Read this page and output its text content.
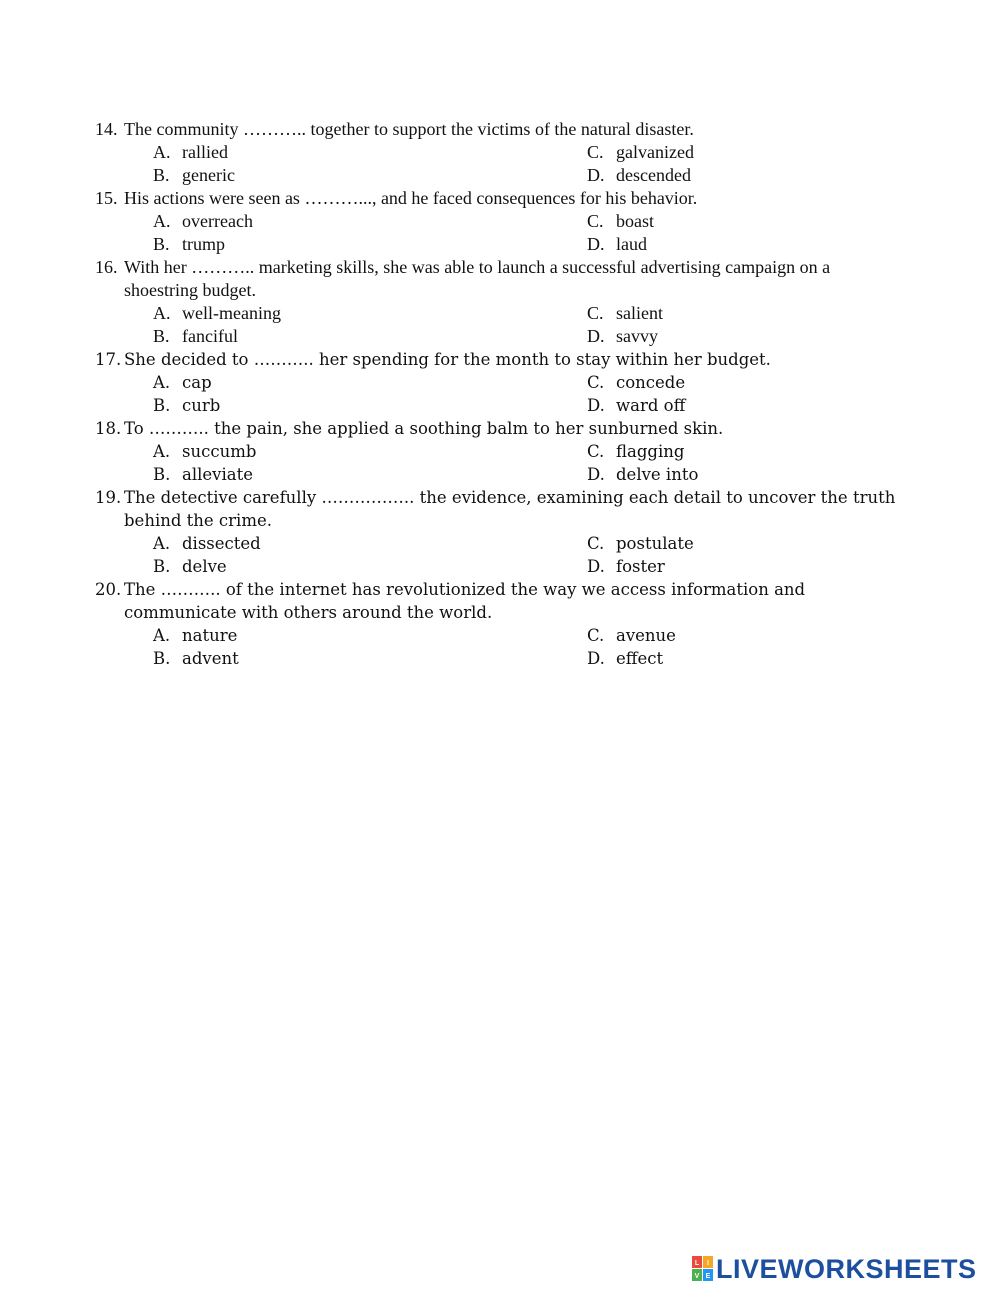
14. The community ……….. together to support the victims of the natural disaster.
A. rallied	C. galvanized
B. generic	D. descended
15. His actions were seen as ………..., and he faced consequences for his behavior.
A. overreach	C. boast
B. trump	D. laud
16. With her ……….. marketing skills, she was able to launch a successful advertising campaign on a shoestring budget.
A. well-meaning	C. salient
B. fanciful	D. savvy
17. She decided to ……….. her spending for the month to stay within her budget.
A. cap	C. concede
B. curb	D. ward off
18. To ……….. the pain, she applied a soothing balm to her sunburned skin.
A. succumb	C. flagging
B. alleviate	D. delve into
19. The detective carefully …………….. the evidence, examining each detail to uncover the truth behind the crime.
A. dissected	C. postulate
B. delve	D. foster
20. The ……….. of the internet has revolutionized the way we access information and communicate with others around the world.
A. nature	C. avenue
B. advent	D. effect
L I
V E LIVEWORKSHEETS
